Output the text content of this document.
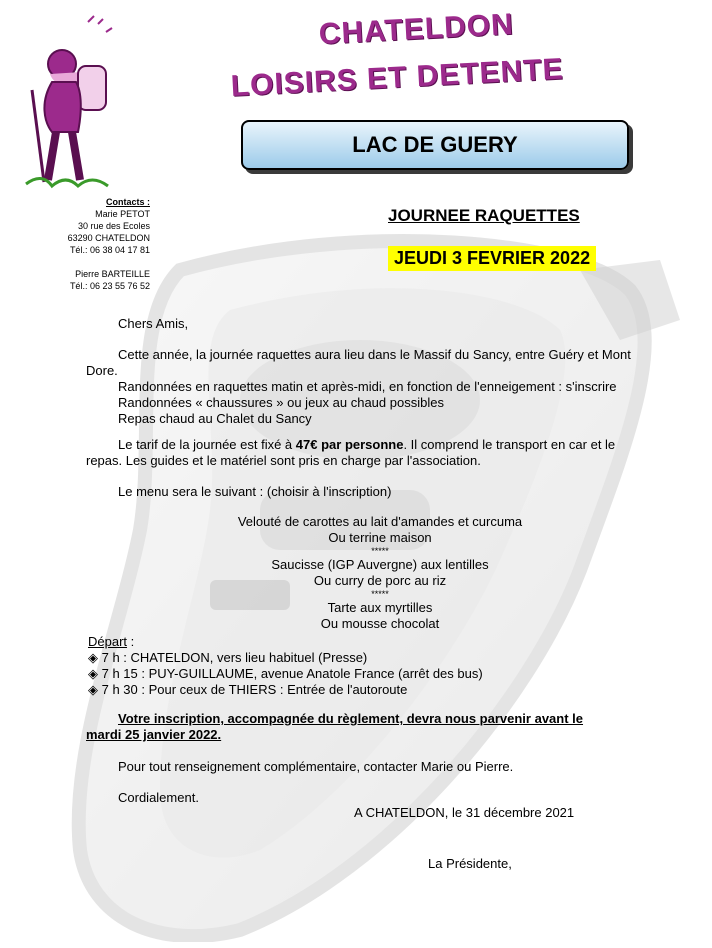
CHATELDON
LOISIRS ET DETENTE
LAC DE GUERY
Contacts :
Marie PETOT
30 rue des Ecoles
63290 CHATELDON
Tél.: 06 38 04 17 81
Pierre BARTEILLE
Tél.: 06 23 55 76 52
JOURNEE RAQUETTES
JEUDI 3 FEVRIER 2022
Chers Amis,
Cette année, la journée raquettes aura lieu dans le Massif du Sancy, entre Guéry et Mont
Dore.
Randonnées en raquettes matin et après-midi, en fonction de l'enneigement : s'inscrire
Randonnées « chaussures » ou jeux au chaud possibles
Repas chaud au Chalet du Sancy
Le tarif de la journée est fixé à 47€ par personne. Il comprend le transport en car et le
repas. Les guides et le matériel sont pris en charge par l'association.
Le menu sera le suivant : (choisir à l'inscription)
Velouté de carottes au lait d'amandes et curcuma
Ou terrine maison
*****
Saucisse (IGP Auvergne) aux lentilles
Ou curry de porc au riz
*****
Tarte aux myrtilles
Ou mousse chocolat
Départ :
◈ 7 h : CHATELDON, vers lieu habituel (Presse)
◈ 7 h 15 : PUY-GUILLAUME, avenue Anatole France (arrêt des bus)
◈ 7 h 30 : Pour ceux de THIERS : Entrée de l'autoroute
Votre inscription, accompagnée du règlement, devra nous parvenir avant le
mardi 25 janvier 2022.
Pour tout renseignement complémentaire, contacter Marie ou Pierre.
Cordialement.
A CHATELDON, le 31 décembre 2021
La Présidente,
